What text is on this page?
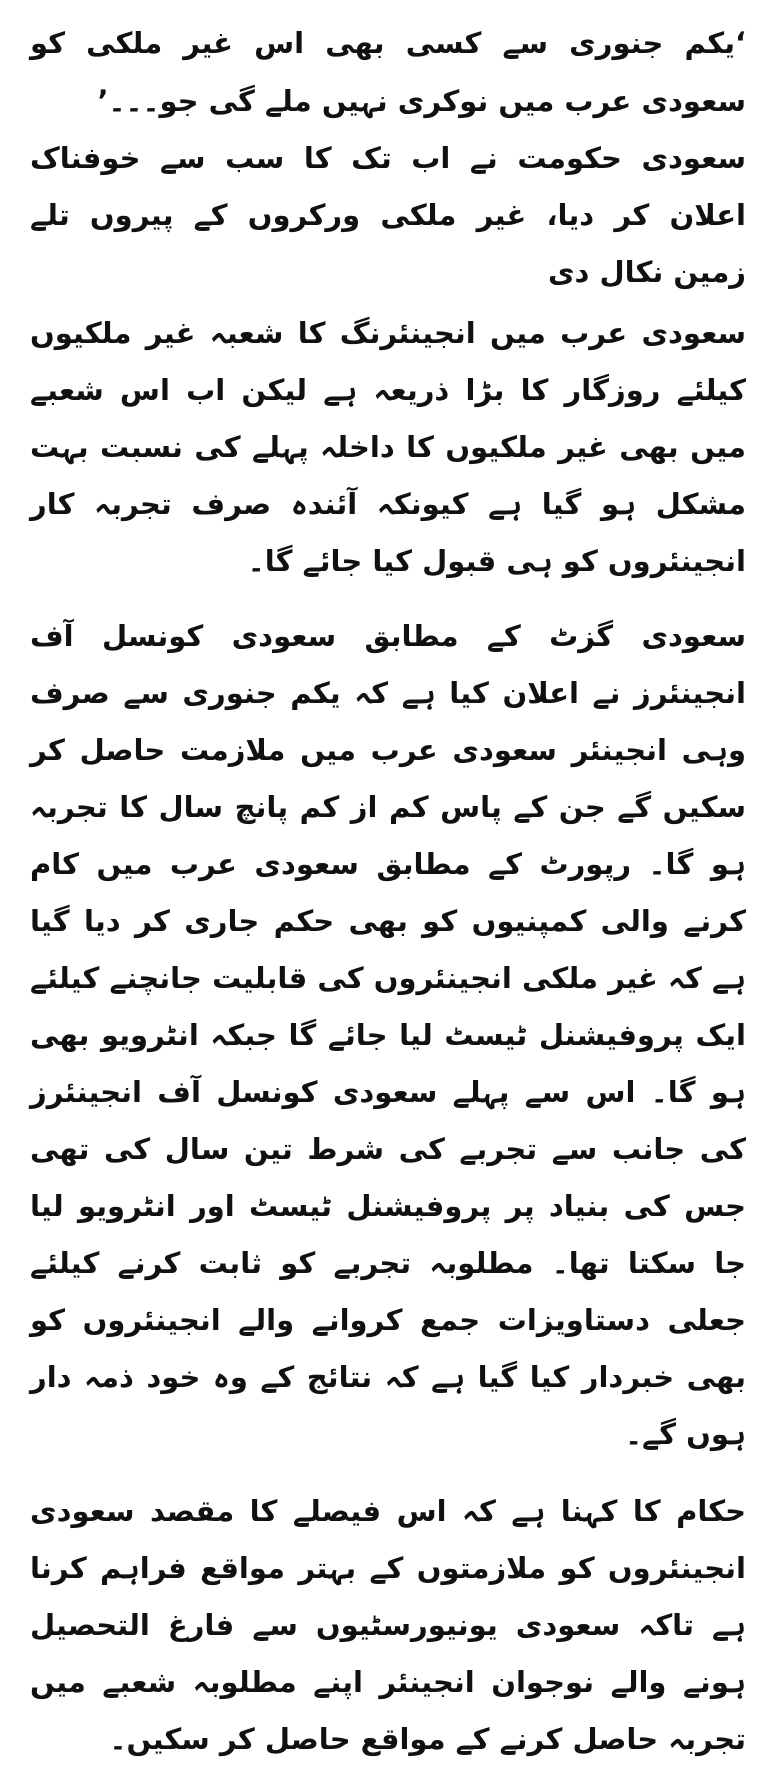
‘یکم جنوری سے کسی بھی اس غیر ملکی کو سعودی عرب میں نوکری نہیں ملے گی جو۔۔۔’

سعودی حکومت نے اب تک کا سب سے خوفناک اعلان کر دیا، غیر ملکی ورکروں کے پیروں تلے زمین نکال دی

سعودی عرب میں انجینئرنگ کا شعبہ غیر ملکیوں کیلئے روزگار کا بڑا ذریعہ ہے لیکن اب اس شعبے میں بھی غیر ملکیوں کا داخلہ پہلے کی نسبت بہت مشکل ہو گیا ہے کیونکہ آئندہ صرف تجربہ کار انجینئروں کو ہی قبول کیا جائے گا۔

سعودی گزٹ کے مطابق سعودی کونسل آف انجینئرز نے اعلان کیا ہے کہ یکم جنوری سے صرف وہی انجینئر سعودی عرب میں ملازمت حاصل کر سکیں گے جن کے پاس کم از کم پانچ سال کا تجربہ ہو گا۔ رپورٹ کے مطابق سعودی عرب میں کام کرنے والی کمپنیوں کو بھی حکم جاری کر دیا گیا ہے کہ غیر ملکی انجینئروں کی قابلیت جانچنے کیلئے ایک پروفیشنل ٹیسٹ لیا جائے گا جبکہ انٹرویو بھی ہو گا۔ اس سے پہلے سعودی کونسل آف انجینئرز کی جانب سے تجربے کی شرط تین سال کی تھی جس کی بنیاد پر پروفیشنل ٹیسٹ اور انٹرویو لیا جا سکتا تھا۔ مطلوبہ تجربے کو ثابت کرنے کیلئے جعلی دستاویزات جمع کروانے والے انجینئروں کو بھی خبردار کیا گیا ہے کہ نتائج کے وہ خود ذمہ دار ہوں گے۔

حکام کا کہنا ہے کہ اس فیصلے کا مقصد سعودی انجینئروں کو ملازمتوں کے بہتر مواقع فراہم کرنا ہے تاکہ سعودی یونیورسٹیوں سے فارغ التحصیل ہونے والے نوجوان انجینئر اپنے مطلوبہ شعبے میں تجربہ حاصل کرنے کے مواقع حاصل کر سکیں۔
